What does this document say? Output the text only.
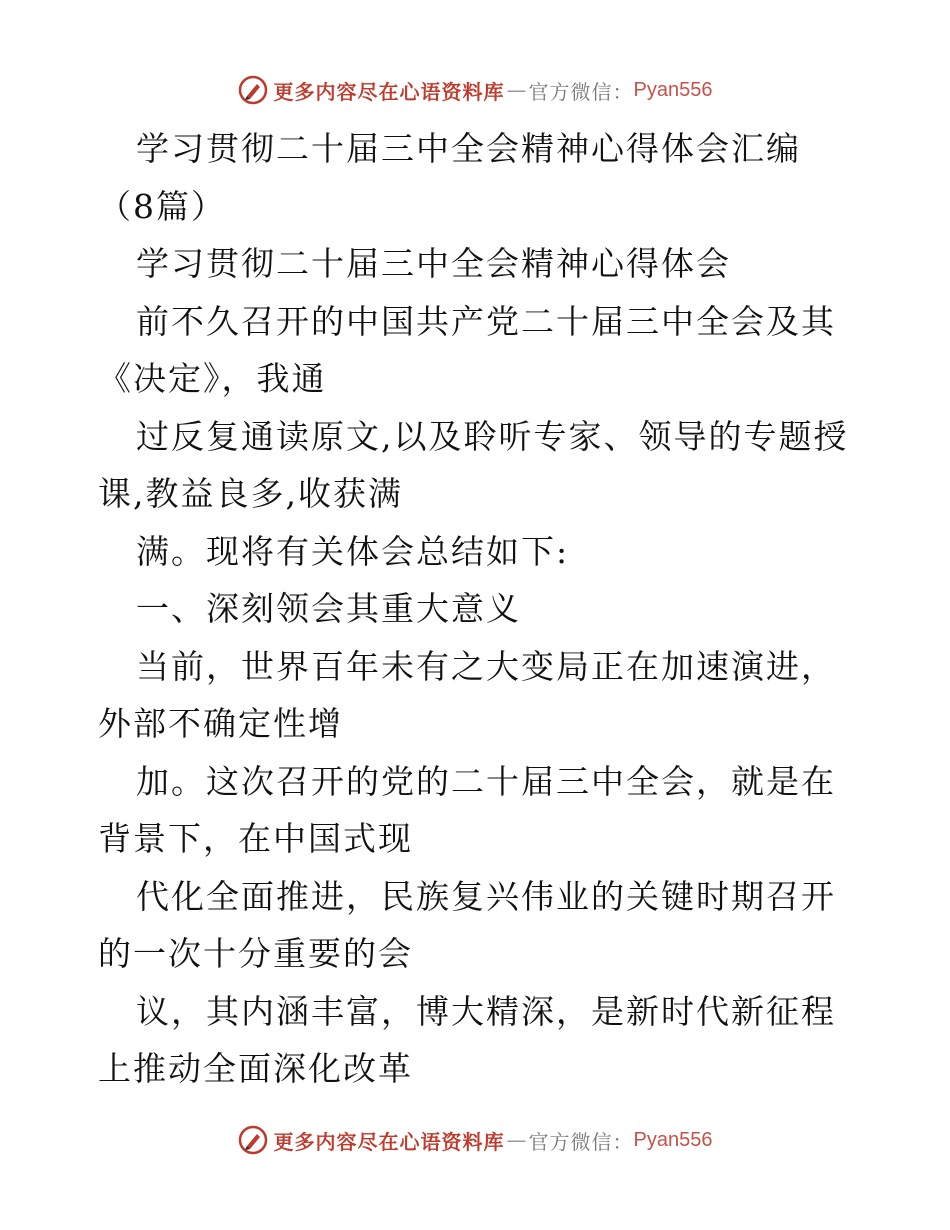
更多内容尽在心语资料库 — 官方微信： Pyan556

学习贯彻二十届三中全会精神心得体会汇编（8篇）

学习贯彻二十届三中全会精神心得体会

前不久召开的中国共产党二十届三中全会及其《决定》，我通

过反复通读原文,以及聆听专家、领导的专题授课,教益良多,收获满

满。现将有关体会总结如下:

一、深刻领会其重大意义

当前，世界百年未有之大变局正在加速演进，外部不确定性增

加。这次召开的党的二十届三中全会，就是在背景下，在中国式现

代化全面推进，民族复兴伟业的关键时期召开的一次十分重要的会

议，其内涵丰富，博大精深，是新时代新征程上推动全面深化改革

更多内容尽在心语资料库 — 官方微信： Pyan556
